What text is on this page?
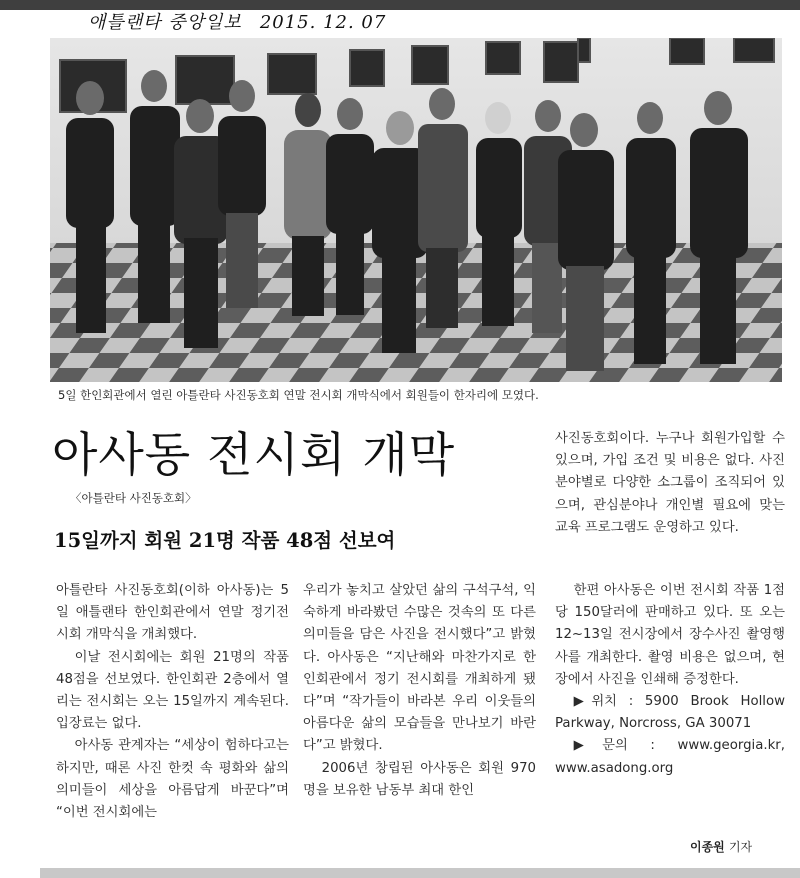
애틀랜타 중앙일보 2015. 12. 07
5일 한인회관에서 열린 아틀란타 사진동호회 연말 전시회 개막식에서 회원들이 한자리에 모였다.
아사동 전시회 개막
〈아틀란타 사진동호회〉
15일까지 회원 21명 작품 48점 선보여

아틀란타 사진동호회(이하 아사동)는 5일 애틀랜타 한인회관에서 연말 정기전시회 개막식을 개최했다.

이날 전시회에는 회원 21명의 작품 48점을 선보였다. 한인회관 2층에서 열리는 전시회는 오는 15일까지 계속된다. 입장료는 없다.

아사동 관계자는 “세상이 험하다고는 하지만, 때론 사진 한컷 속 평화와 삶의 의미들이 세상을 아름답게 바꾼다”며 “이번 전시회에는

우리가 놓치고 살았던 삶의 구석구석, 익숙하게 바라봤던 수많은 것속의 또 다른 의미들을 담은 사진을 전시했다”고 밝혔다. 아사동은 “지난해와 마찬가지로 한인회관에서 정기 전시회를 개최하게 됐다”며 “작가들이 바라본 우리 이웃들의 아름다운 삶의 모습들을 만나보기 바란다”고 밝혔다.

2006년 창립된 아사동은 회원 970명을 보유한 남동부 최대 한인

사진동호회이다. 누구나 회원가입할 수 있으며, 가입 조건 및 비용은 없다. 사진 분야별로 다양한 소그룹이 조직되어 있으며, 관심분야나 개인별 필요에 맞는 교육 프로그램도 운영하고 있다.

한편 아사동은 이번 전시회 작품 1점당 150달러에 판매하고 있다. 또 오는 12~13일 전시장에서 장수사진 촬영행사를 개최한다. 촬영 비용은 없으며, 현장에서 사진을 인쇄해 증정한다.

▶위치 : 5900 Brook Hollow Parkway, Norcross, GA 30071

▶문의 : www.georgia.kr, www.asadong.org

이종원 기자
